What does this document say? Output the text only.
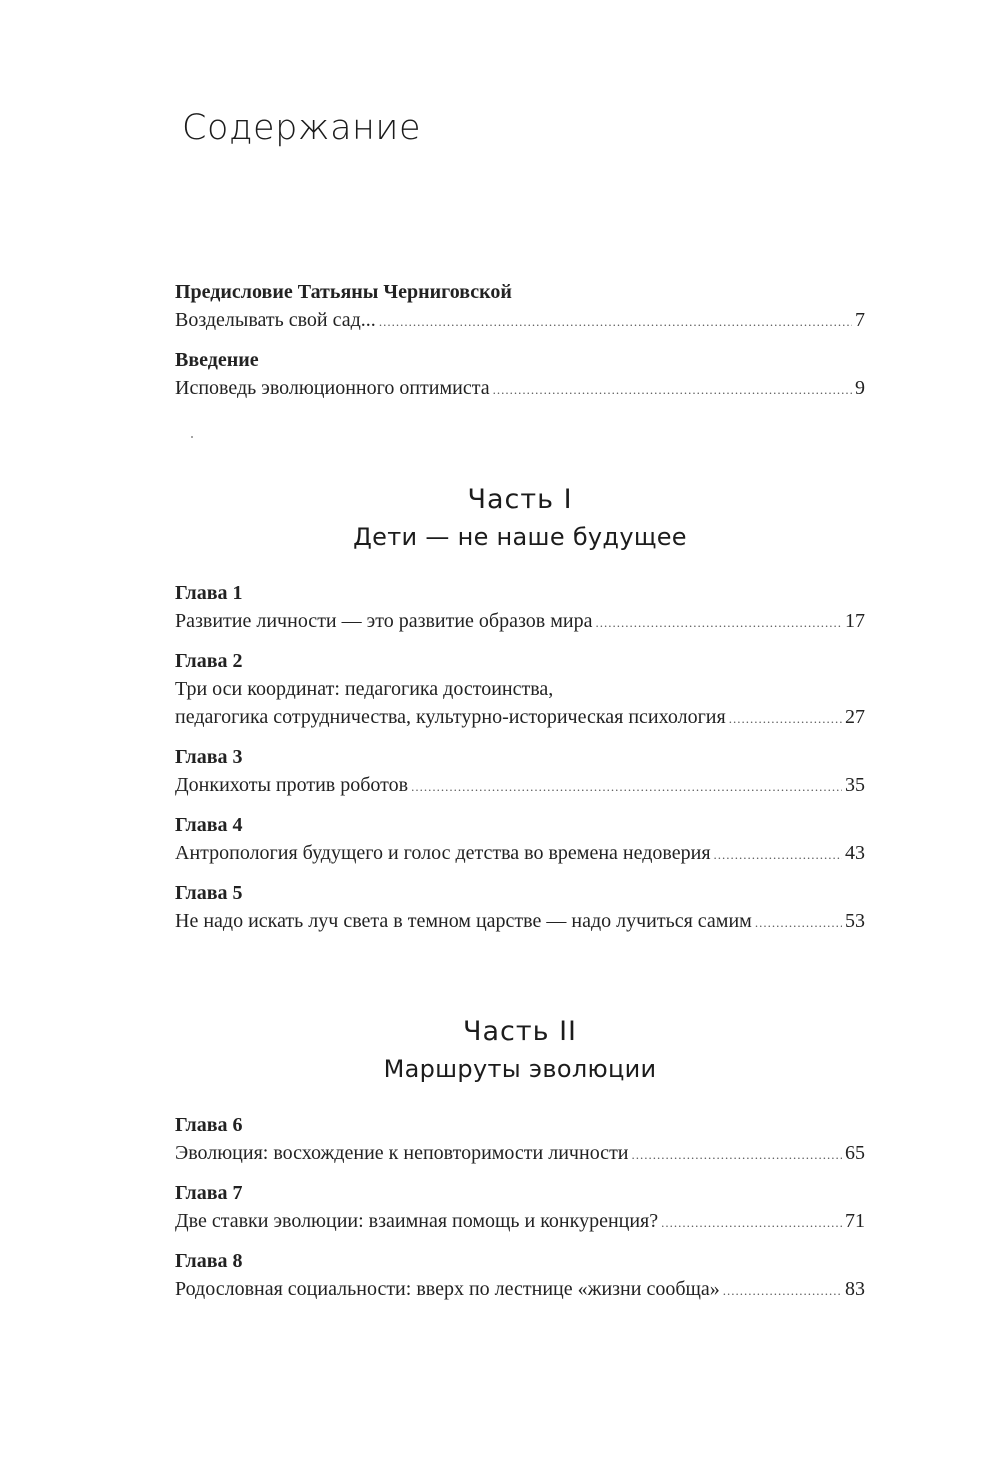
Содержание
Предисловие Татьяны Черниговской
Возделывать свой сад... .....	7
Введение
Исповедь эволюционного оптимиста .....	9
Часть I
Дети — не наше будущее
Глава 1
Развитие личности — это развитие образов мира .....	17
Глава 2
Три оси координат: педагогика достоинства,
педагогика сотрудничества, культурно-историческая психология .....	27
Глава 3
Донкихоты против роботов .....	35
Глава 4
Антропология будущего и голос детства во времена недоверия .....	43
Глава 5
Не надо искать луч света в темном царстве — надо лучиться самим .....	53
Часть II
Маршруты эволюции
Глава 6
Эволюция: восхождение к неповторимости личности .....	65
Глава 7
Две ставки эволюции: взаимная помощь и конкуренция? .....	71
Глава 8
Родословная социальности: вверх по лестнице «жизни сообща» .....	83
